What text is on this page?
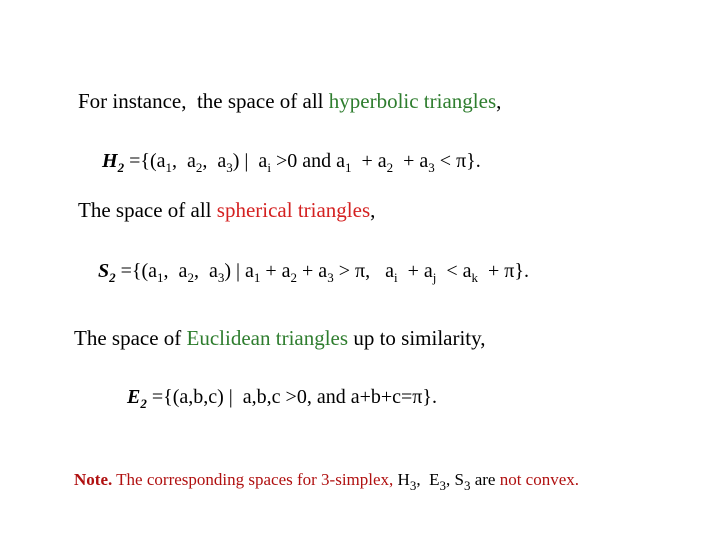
For instance,  the space of all hyperbolic triangles,
$H_2 =\{(a_1$,  $a_2$,  $a_3$) |  $a_i >0$ and $a_1 + a_2 + a_3 < \pi$}.
The space of all spherical triangles,
$S_2 =\{(a_1$,  $a_2$,  $a_3$) | $a_1 + a_2 + a_3 > \pi$,   $a_i + a_j < a_k + \pi$}.
The space of Euclidean triangles up to similarity,
$E_2 =\{(a,b,c)$ |  a,b,c >0, and a+b+c=π}.
Note. The corresponding spaces for 3-simplex, $H_3$,  $E_3$, $S_3$ are not convex.
